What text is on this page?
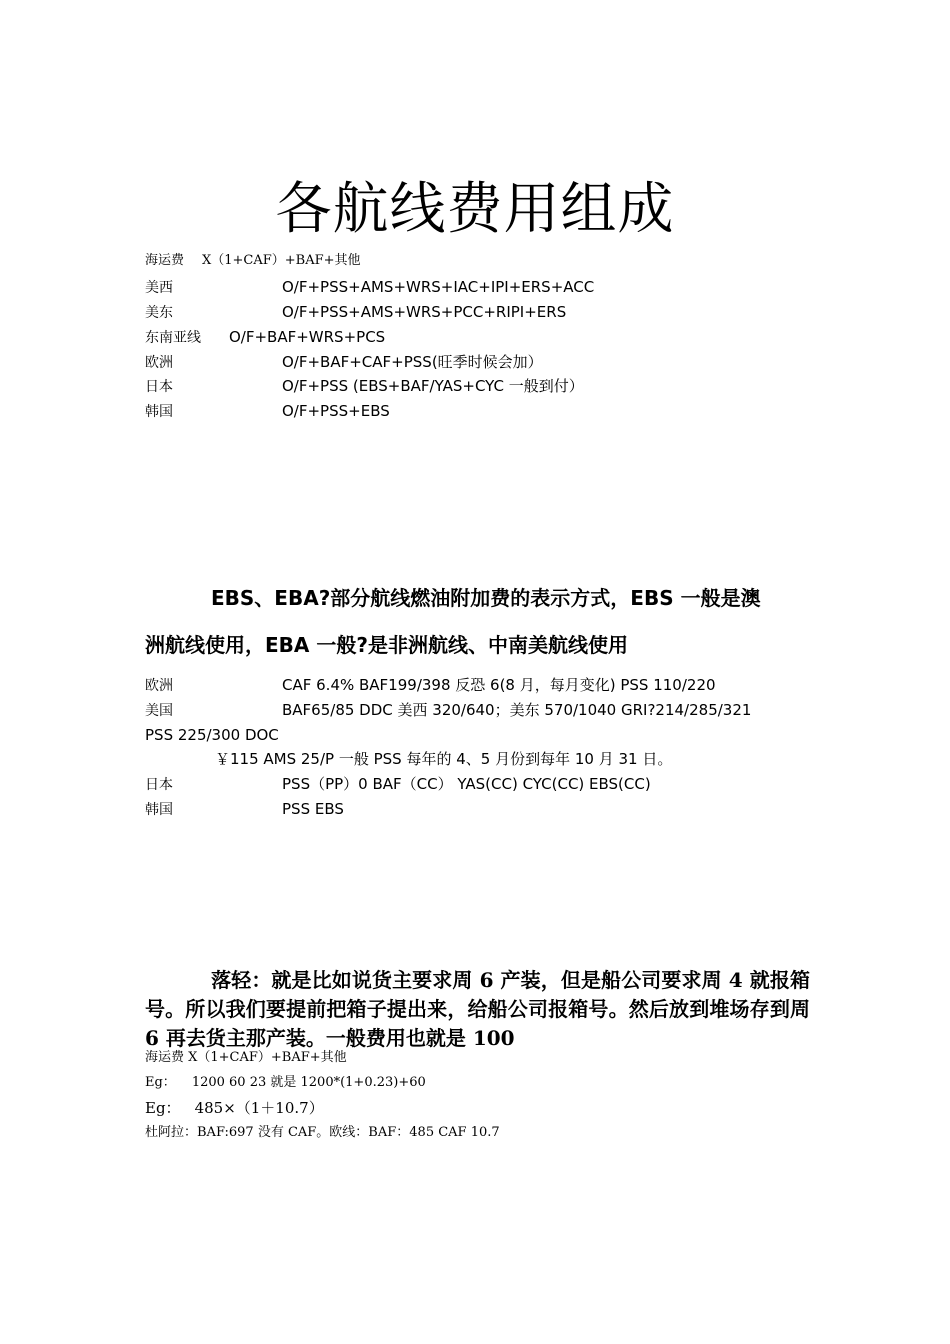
各航线费用组成
海运费 X（1+CAF）+BAF+其他
美西	O/F+PSS+AMS+WRS+IAC+IPI+ERS+ACC
美东	O/F+PSS+AMS+WRS+PCC+RIPI+ERS
东南亚线 O/F+BAF+WRS+PCS
欧洲	O/F+BAF+CAF+PSS(旺季时候会加）
日本	O/F+PSS (EBS+BAF/YAS+CYC 一般到付）
韩国	O/F+PSS+EBS
EBS、EBA?部分航线燃油附加费的表示方式，EBS 一般是澳
洲航线使用，EBA 一般?是非洲航线、中南美航线使用
欧洲	CAF 6.4% BAF199/398 反恐 6(8 月，每月变化) PSS 110/220
美国	BAF65/85 DDC 美西 320/640；美东 570/1040 GRI?214/285/321
PSS 225/300 DOC
￥115 AMS 25/P 一般 PSS 每年的 4、5 月份到每年 10 月 31 日。
日本	PSS（PP）0 BAF（CC） YAS(CC) CYC(CC) EBS(CC)
韩国	PSS EBS
落轻：就是比如说货主要求周 6 产装，但是船公司要求周 4 就报箱号。所以我们要提前把箱子提出来，给船公司报箱号。然后放到堆场存到周 6 再去货主那产装。一般费用也就是 100
海运费 X（1+CAF）+BAF+其他
Eg： 1200 60 23 就是 1200*(1+0.23)+60
Eg： 485×（1＋10.7）
杜阿拉：BAF:697 没有 CAF。欧线：BAF：485 CAF 10.7
